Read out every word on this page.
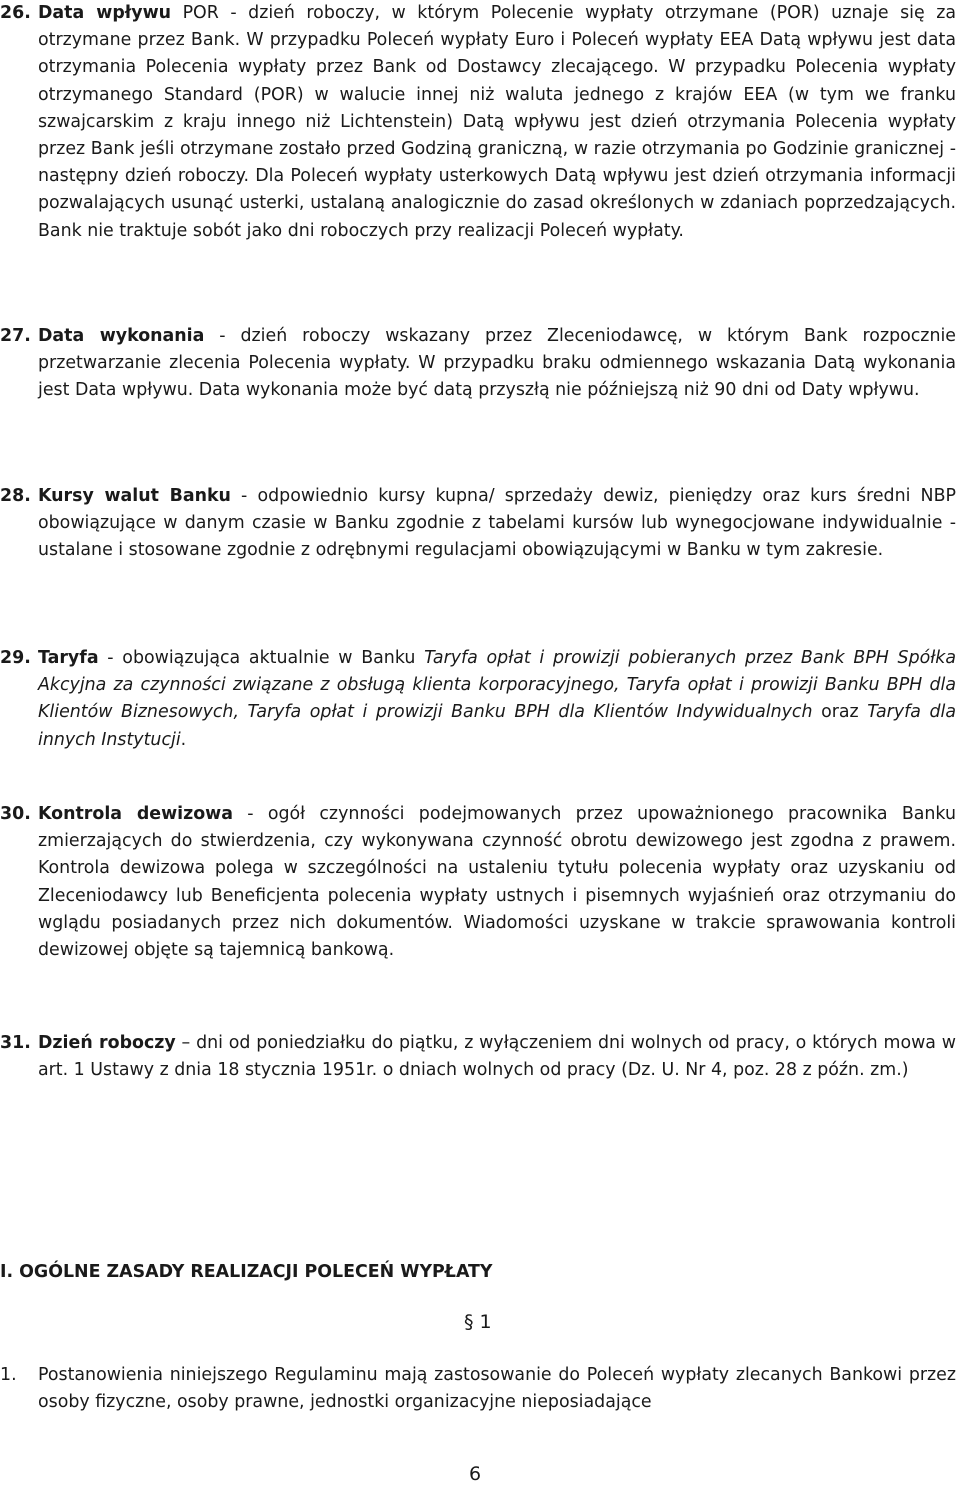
26. Data wpływu POR - dzień roboczy, w którym Polecenie wypłaty otrzymane (POR) uznaje się za otrzymane przez Bank. W przypadku Poleceń wypłaty Euro i Poleceń wypłaty EEA Datą wpływu jest data otrzymania Polecenia wypłaty przez Bank od Dostawcy zlecającego. W przypadku Polecenia wypłaty otrzymanego Standard (POR) w walucie innej niż waluta jednego z krajów EEA (w tym we franku szwajcarskim z kraju innego niż Lichtenstein) Datą wpływu jest dzień otrzymania Polecenia wypłaty przez Bank jeśli otrzymane zostało przed Godziną graniczną, w razie otrzymania po Godzinie granicznej - następny dzień roboczy. Dla Poleceń wypłaty usterkowych Datą wpływu jest dzień otrzymania informacji pozwalających usunąć usterki, ustalaną analogicznie do zasad określonych w zdaniach poprzedzających. Bank nie traktuje sobót jako dni roboczych przy realizacji Poleceń wypłaty.
27. Data wykonania - dzień roboczy wskazany przez Zleceniodawcę, w którym Bank rozpocznie przetwarzanie zlecenia Polecenia wypłaty. W przypadku braku odmiennego wskazania Datą wykonania jest Data wpływu. Data wykonania może być datą przyszłą nie późniejszą niż 90 dni od Daty wpływu.
28. Kursy walut Banku - odpowiednio kursy kupna/ sprzedaży dewiz, pieniędzy oraz kurs średni NBP obowiązujące w danym czasie w Banku zgodnie z tabelami kursów lub wynegocjowane indywidualnie - ustalane i stosowane zgodnie z odrębnymi regulacjami obowiązującymi w Banku w tym zakresie.
29. Taryfa - obowiązująca aktualnie w Banku Taryfa opłat i prowizji pobieranych przez Bank BPH Spółka Akcyjna za czynności związane z obsługą klienta korporacyjnego, Taryfa opłat i prowizji Banku BPH dla Klientów Biznesowych, Taryfa opłat i prowizji Banku BPH dla Klientów Indywidualnych oraz Taryfa dla innych Instytucji.
30. Kontrola dewizowa - ogół czynności podejmowanych przez upoważnionego pracownika Banku zmierzających do stwierdzenia, czy wykonywana czynność obrotu dewizowego jest zgodna z prawem. Kontrola dewizowa polega w szczególności na ustaleniu tytułu polecenia wypłaty oraz uzyskaniu od Zleceniodawcy lub Beneficjenta polecenia wypłaty ustnych i pisemnych wyjaśnień oraz otrzymaniu do wglądu posiadanych przez nich dokumentów. Wiadomości uzyskane w trakcie sprawowania kontroli dewizowej objęte są tajemnicą bankową.
31. Dzień roboczy – dni od poniedziałku do piątku, z wyłączeniem dni wolnych od pracy, o których mowa w art. 1 Ustawy z dnia 18 stycznia 1951r. o dniach wolnych od pracy (Dz. U. Nr 4, poz. 28 z późn. zm.)
I. OGÓLNE ZASADY REALIZACJI POLECEŃ WYPŁATY
§ 1
1.	Postanowienia niniejszego Regulaminu mają zastosowanie do Poleceń wypłaty zlecanych Bankowi przez osoby fizyczne, osoby prawne, jednostki organizacyjne nieposiadające
6
